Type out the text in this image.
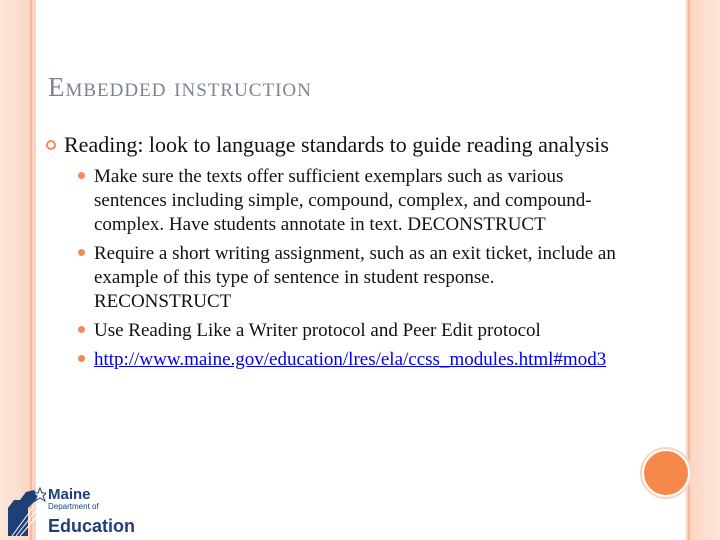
Embedded instruction
Reading: look to language standards to guide reading analysis
Make sure the texts offer sufficient exemplars such as various sentences including simple, compound, complex, and compound-complex. Have students annotate in text. DECONSTRUCT
Require a short writing assignment, such as an exit ticket, include an example of this type of sentence in student response. RECONSTRUCT
Use Reading Like a Writer protocol and Peer Edit protocol
http://www.maine.gov/education/lres/ela/ccss_modules.html#mod3
Maine
Department of
Education
